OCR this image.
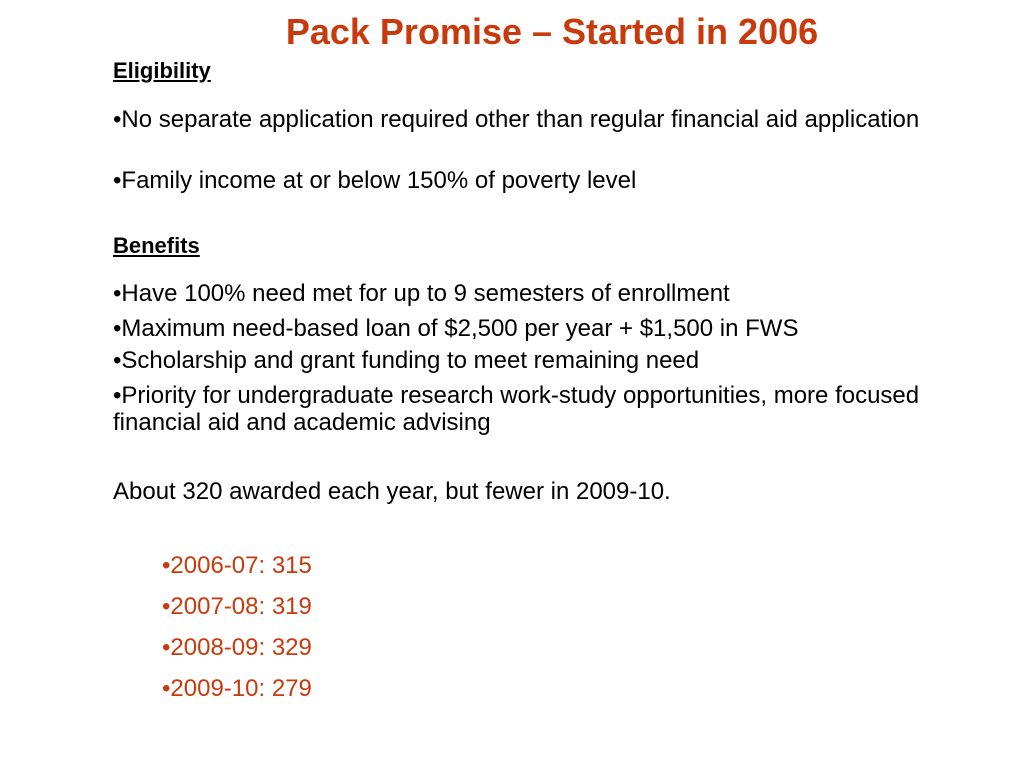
Pack Promise – Started in 2006
Eligibility
•No separate application required other than regular financial aid application
•Family income at or below 150% of poverty level
Benefits
•Have 100% need met for up to 9 semesters of enrollment
•Maximum need-based loan of $2,500 per year + $1,500 in FWS
•Scholarship and grant funding to meet remaining need
•Priority for undergraduate research work-study opportunities, more focused financial aid and academic advising
About 320 awarded each year, but fewer in 2009-10.
•2006-07: 315
•2007-08: 319
•2008-09: 329
•2009-10: 279
